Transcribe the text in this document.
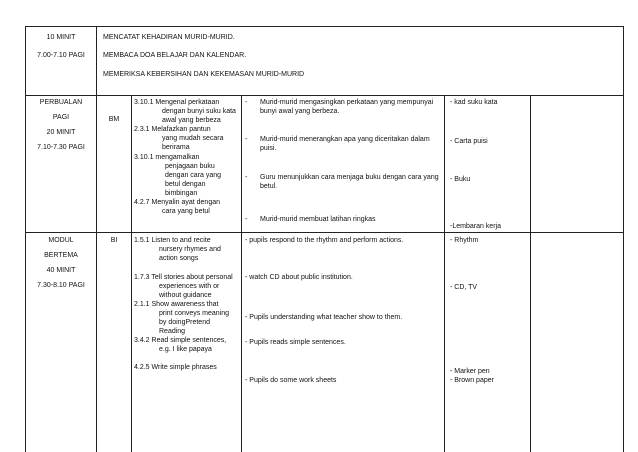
10 MINIT
7.00-7.10 PAGI
MENCATAT KEHADIRAN MURID-MURID.
MEMBACA DOA BELAJAR DAN KALENDAR.
MEMERIKSA KEBERSIHAN DAN KEKEMASAN MURID-MURID
PERBUALAN
PAGI
20 MINIT
7.10-7.30 PAGI
BM
3.10.1 Mengenal perkataan
dengan bunyi suku kata
awal yang berbeza
2.3.1 Melafazkan pantun
yang mudah secara
berirama
3.10.1 mengamalkan
penjagaan buku
dengan cara yang
betul dengan
bimbingan
4.2.7 Menyalin ayat dengan
cara yang betul
- Murid-murid mengasingkan perkataan yang mempunyai
bunyi awal yang berbeza.
- Murid-murid menerangkan apa yang diceritakan dalam
puisi.
- Guru menunjukkan cara menjaga buku dengan cara yang
betul.
- Murid-murid membuat latihan ringkas
- kad suku kata
- Carta puisi
- Buku
-Lembaran kerja
MODUL
BERTEMA
40 MINIT
7.30-8.10 PAGI
BI	1.5.1 Listen to and recite
nursery rhymes and
action songs
1.7.3 Tell stories about personal
experiences with or
without guidance
2.1.1 Show awareness that
print conveys meaning
by doingPretend
Reading
3.4.2 Read simple sentences,
e.g. I like papaya
4.2.5 Write simple phrases
- pupils respond to the rhythm and perform actions.
- watch CD about public institution.
- Pupils understanding what teacher show to them.
- Pupils reads simple sentences.
- Pupils do some work sheets
- Rhythm
- CD, TV
- Marker pen
- Brown paper
